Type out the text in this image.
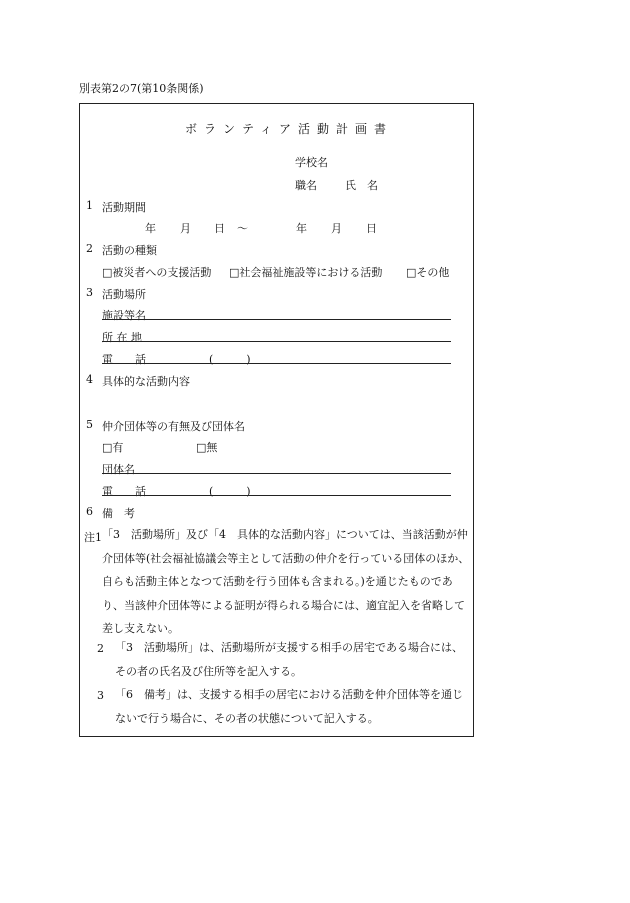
別表第2の7(第10条関係)
ボランティア活動計画書
学校名
職名	氏　名
1 活動期間
年 月 日 ～	年 月 日
2 活動の種類
□被災者への支援活動 □社会福祉施設等における活動 □その他
3 活動場所
施設等名
所 在 地
電　　話	(　　　)
4 具体的な活動内容
5 仲介団体等の有無及び団体名
□有	□無
団体名
電　　話	(　　　)
6 備　考
注1 「3　活動場所」及び「4　具体的な活動内容」については、当該活動が仲介団体等(社会福祉協議会等主として活動の仲介を行っている団体のほか、自らも活動主体となつて活動を行う団体も含まれる。)を通じたものであり、当該仲介団体等による証明が得られる場合には、適宜記入を省略して差し支えない。
2 「3　活動場所」は、活動場所が支援する相手の居宅である場合には、その者の氏名及び住所等を記入する。
3 「6　備考」は、支援する相手の居宅における活動を仲介団体等を通じないで行う場合に、その者の状態について記入する。
